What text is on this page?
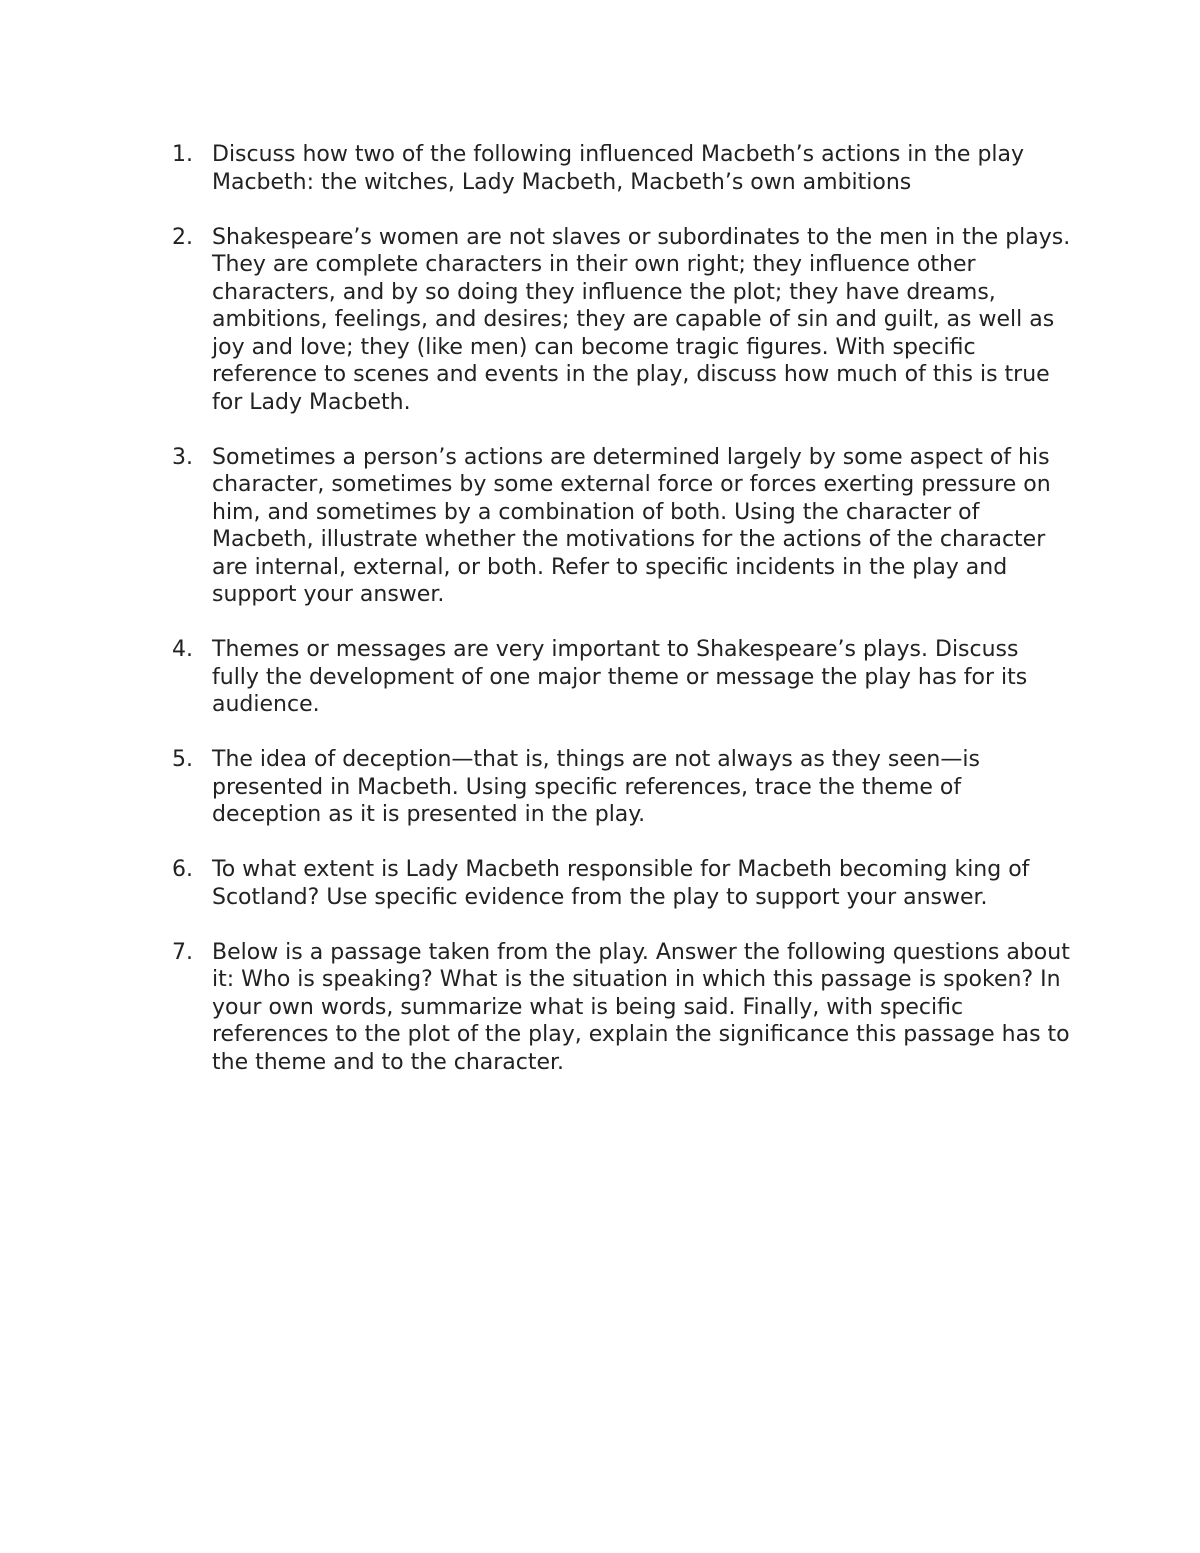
1. Discuss how two of the following influenced Macbeth’s actions in the play Macbeth: the witches, Lady Macbeth, Macbeth’s own ambitions
2. Shakespeare’s women are not slaves or subordinates to the men in the plays. They are complete characters in their own right; they influence other characters, and by so doing they influence the plot; they have dreams, ambitions, feelings, and desires; they are capable of sin and guilt, as well as joy and love; they (like men) can become tragic figures. With specific reference to scenes and events in the play, discuss how much of this is true for Lady Macbeth.
3. Sometimes a person’s actions are determined largely by some aspect of his character, sometimes by some external force or forces exerting pressure on him, and sometimes by a combination of both. Using the character of Macbeth, illustrate whether the motivations for the actions of the character are internal, external, or both. Refer to specific incidents in the play and support your answer.
4. Themes or messages are very important to Shakespeare’s plays. Discuss fully the development of one major theme or message the play has for its audience.
5. The idea of deception—that is, things are not always as they seen—is presented in Macbeth. Using specific references, trace the theme of deception as it is presented in the play.
6. To what extent is Lady Macbeth responsible for Macbeth becoming king of Scotland? Use specific evidence from the play to support your answer.
7. Below is a passage taken from the play. Answer the following questions about it: Who is speaking? What is the situation in which this passage is spoken? In your own words, summarize what is being said. Finally, with specific references to the plot of the play, explain the significance this passage has to the theme and to the character.
